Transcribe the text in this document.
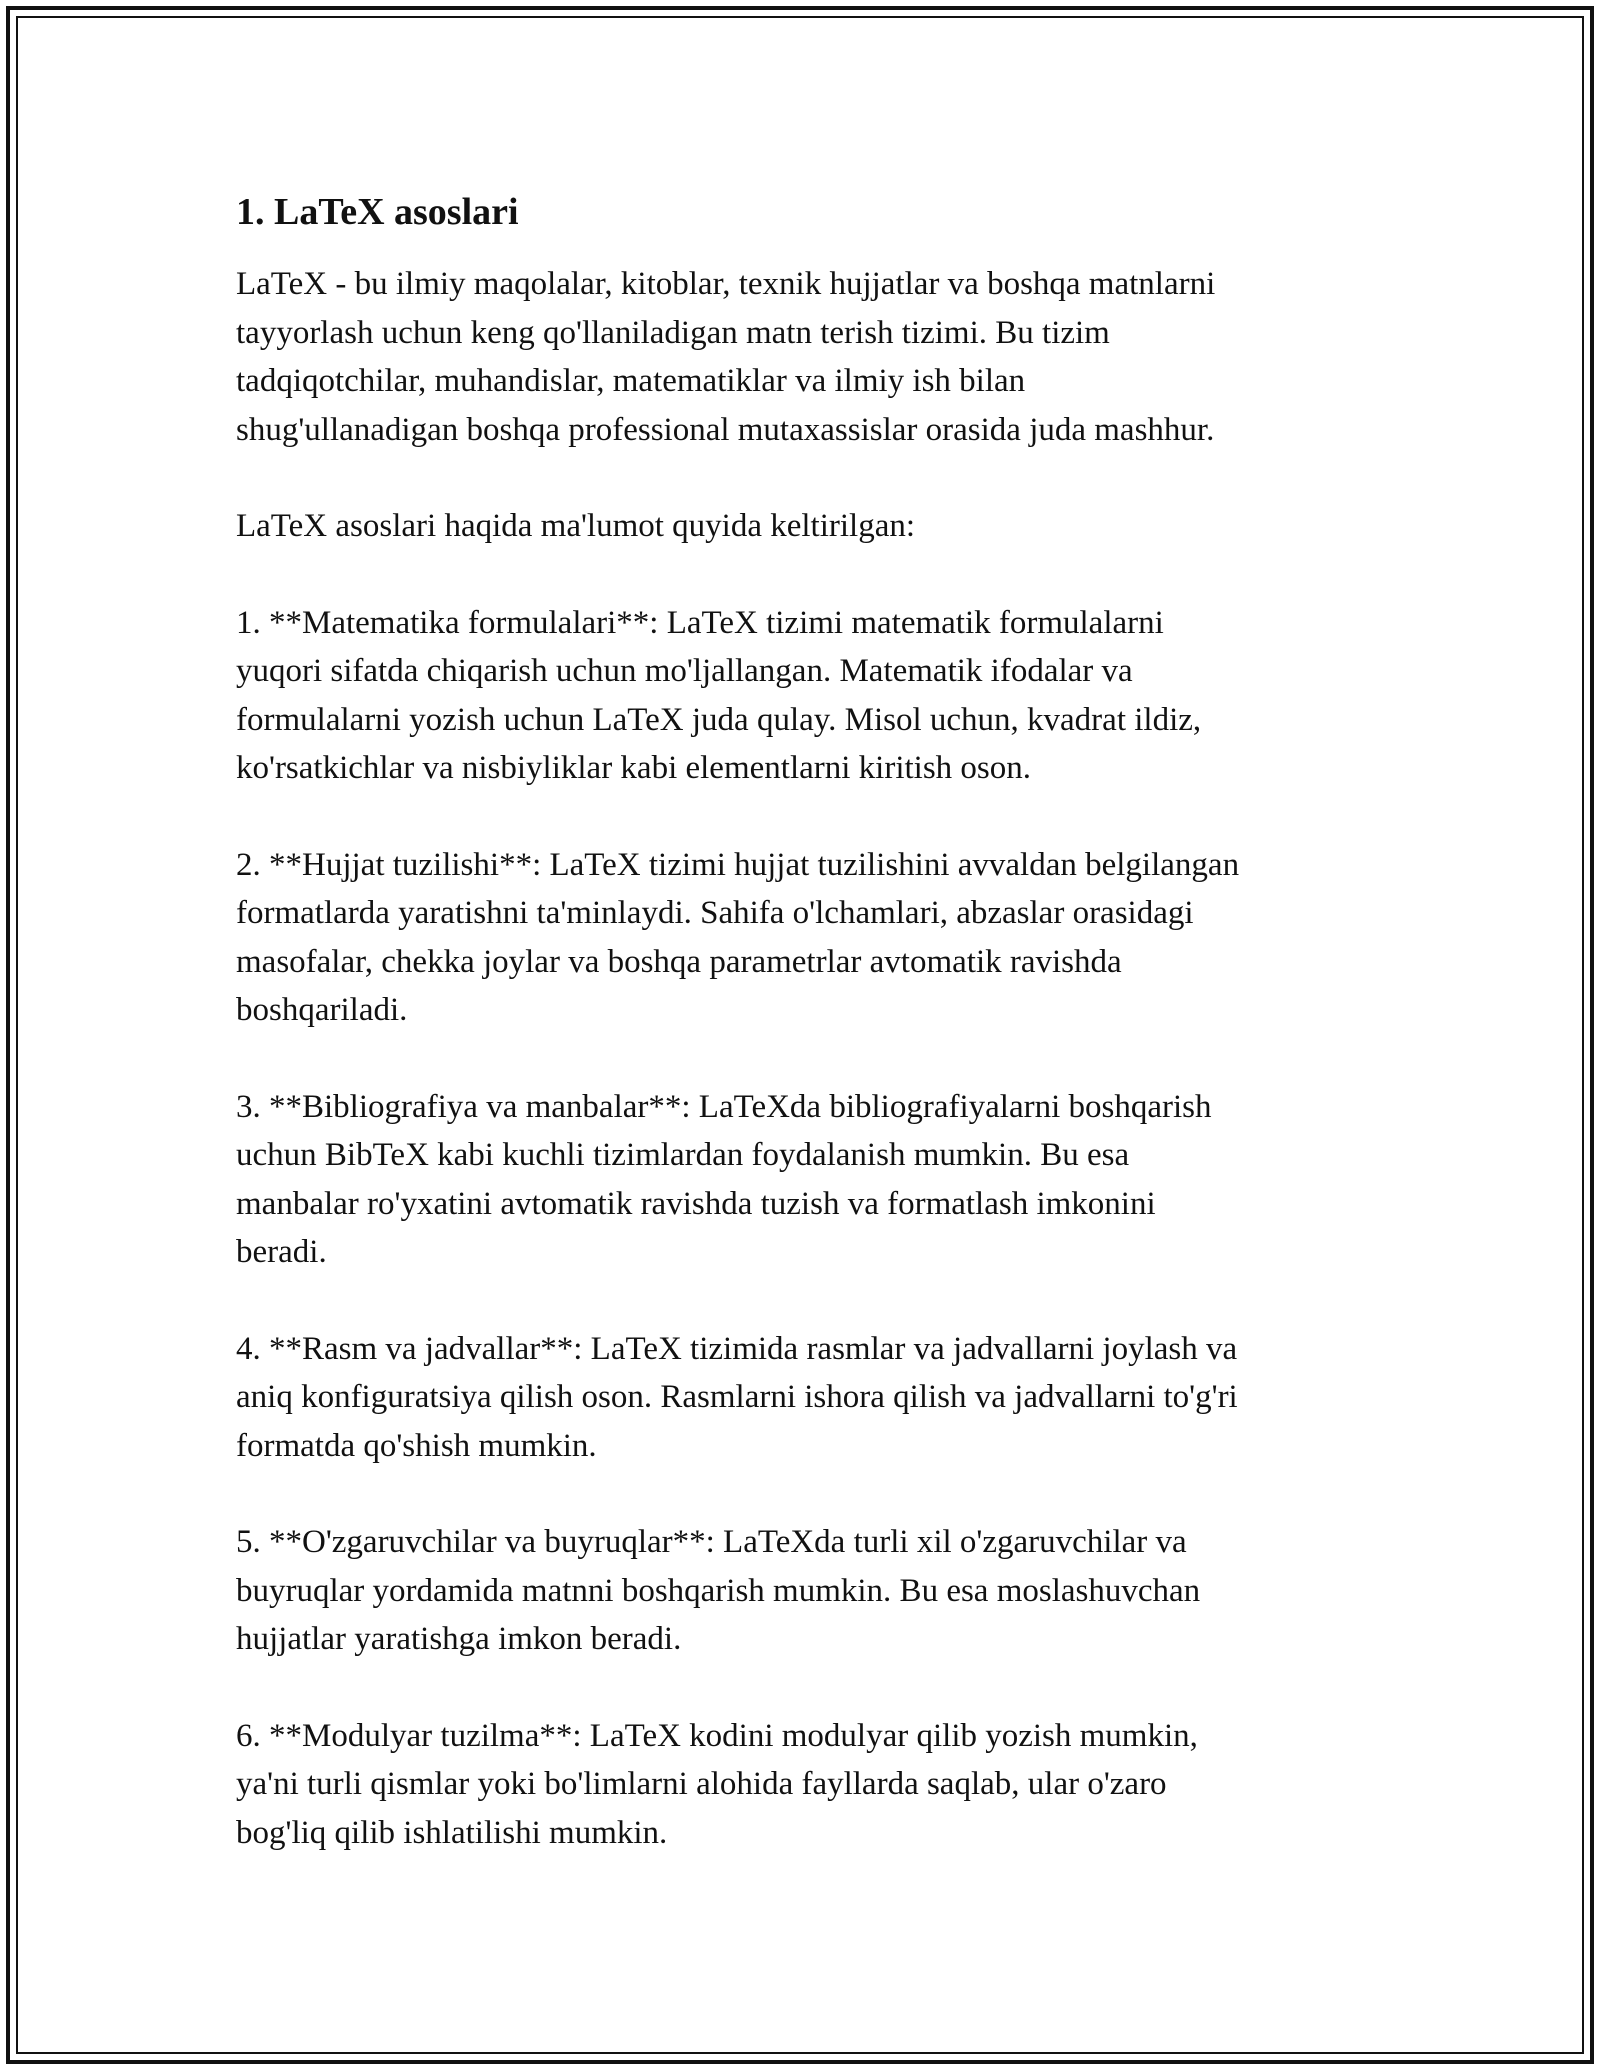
1. LaTeX asoslari

LaTeX - bu ilmiy maqolalar, kitoblar, texnik hujjatlar va boshqa matnlarni
tayyorlash uchun keng qo'llaniladigan matn terish tizimi. Bu tizim
tadqiqotchilar, muhandislar, matematiklar va ilmiy ish bilan
shug'ullanadigan boshqa professional mutaxassislar orasida juda mashhur.

LaTeX asoslari haqida ma'lumot quyida keltirilgan:

1. **Matematika formulalari**: LaTeX tizimi matematik formulalarni
yuqori sifatda chiqarish uchun mo'ljallangan. Matematik ifodalar va
formulalarni yozish uchun LaTeX juda qulay. Misol uchun, kvadrat ildiz,
ko'rsatkichlar va nisbiyliklar kabi elementlarni kiritish oson.

2. **Hujjat tuzilishi**: LaTeX tizimi hujjat tuzilishini avvaldan belgilangan
formatlarda yaratishni ta'minlaydi. Sahifa o'lchamlari, abzaslar orasidagi
masofalar, chekka joylar va boshqa parametrlar avtomatik ravishda
boshqariladi.

3. **Bibliografiya va manbalar**: LaTeXda bibliografiyalarni boshqarish
uchun BibTeX kabi kuchli tizimlardan foydalanish mumkin. Bu esa
manbalar ro'yxatini avtomatik ravishda tuzish va formatlash imkonini
beradi.

4. **Rasm va jadvallar**: LaTeX tizimida rasmlar va jadvallarni joylash va
aniq konfiguratsiya qilish oson. Rasmlarni ishora qilish va jadvallarni to'g'ri
formatda qo'shish mumkin.

5. **O'zgaruvchilar va buyruqlar**: LaTeXda turli xil o'zgaruvchilar va
buyruqlar yordamida matnni boshqarish mumkin. Bu esa moslashuvchan
hujjatlar yaratishga imkon beradi.

6. **Modulyar tuzilma**: LaTeX kodini modulyar qilib yozish mumkin,
ya'ni turli qismlar yoki bo'limlarni alohida fayllarda saqlab, ular o'zaro
bog'liq qilib ishlatilishi mumkin.
